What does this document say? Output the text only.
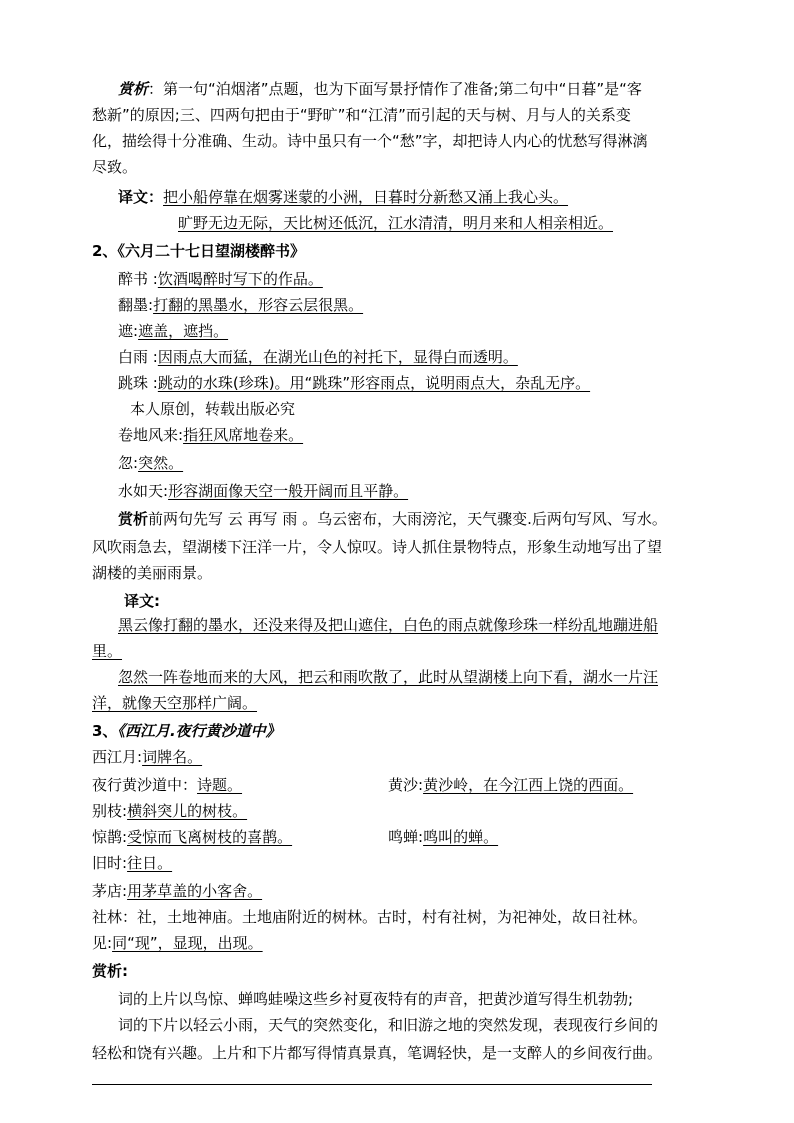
赏析：第一句“泊烟渚”点题，也为下面写景抒情作了准备;第二句中“日暮”是“客
愁新”的原因;三、四两句把由于“野旷”和“江清”而引起的天与树、月与人的关系变
化，描绘得十分准确、生动。诗中虽只有一个“愁”字，却把诗人内心的忧愁写得淋漓
尽致。
译文：把小船停靠在烟雾迷蒙的小洲，日暮时分新愁又涌上我心头。
旷野无边无际，天比树还低沉，江水清清，明月来和人相亲相近。
2、《六月二十七日望湖楼醉书》
醉书 :饮酒喝醉时写下的作品。
翻墨:打翻的黑墨水，形容云层很黑。
遮:遮盖，遮挡。
白雨 :因雨点大而猛，在湖光山色的衬托下，显得白而透明。
跳珠 :跳动的水珠(珍珠)。用“跳珠”形容雨点，说明雨点大，杂乱无序。
本人原创，转载出版必究
卷地风来:指狂风席地卷来。
忽:突然。
水如天:形容湖面像天空一般开阔而且平静。
赏析前两句先写 云 再写 雨 。乌云密布，大雨滂沱，天气骤变.后两句写风、写水。
风吹雨急去，望湖楼下汪洋一片，令人惊叹。诗人抓住景物特点，形象生动地写出了望
湖楼的美丽雨景。
译文:
黑云像打翻的墨水，还没来得及把山遮住，白色的雨点就像珍珠一样纷乱地蹦进船
里。
忽然一阵卷地而来的大风，把云和雨吹散了，此时从望湖楼上向下看，湖水一片汪
洋，就像天空那样广阔。
3、《西江月.夜行黄沙道中》
西江月:词牌名。
夜行黄沙道中：诗题。	黄沙:黄沙岭，在今江西上饶的西面。
别枝:横斜突儿的树枝。
惊鹊:受惊而飞离树枝的喜鹊。	鸣蝉:鸣叫的蝉。
旧时:往日。
茅店:用茅草盖的小客舍。
社林：社，土地神庙。土地庙附近的树林。古时，村有社树，为祀神处，故日社林。
见:同“现”，显现，出现。
赏析:
词的上片以鸟惊、蝉鸣蛙噪这些乡衬夏夜特有的声音，把黄沙道写得生机勃勃;
词的下片以轻云小雨，天气的突然变化，和旧游之地的突然发现，表现夜行乡间的
轻松和饶有兴趣。上片和下片都写得情真景真，笔调轻快，是一支醉人的乡间夜行曲。
